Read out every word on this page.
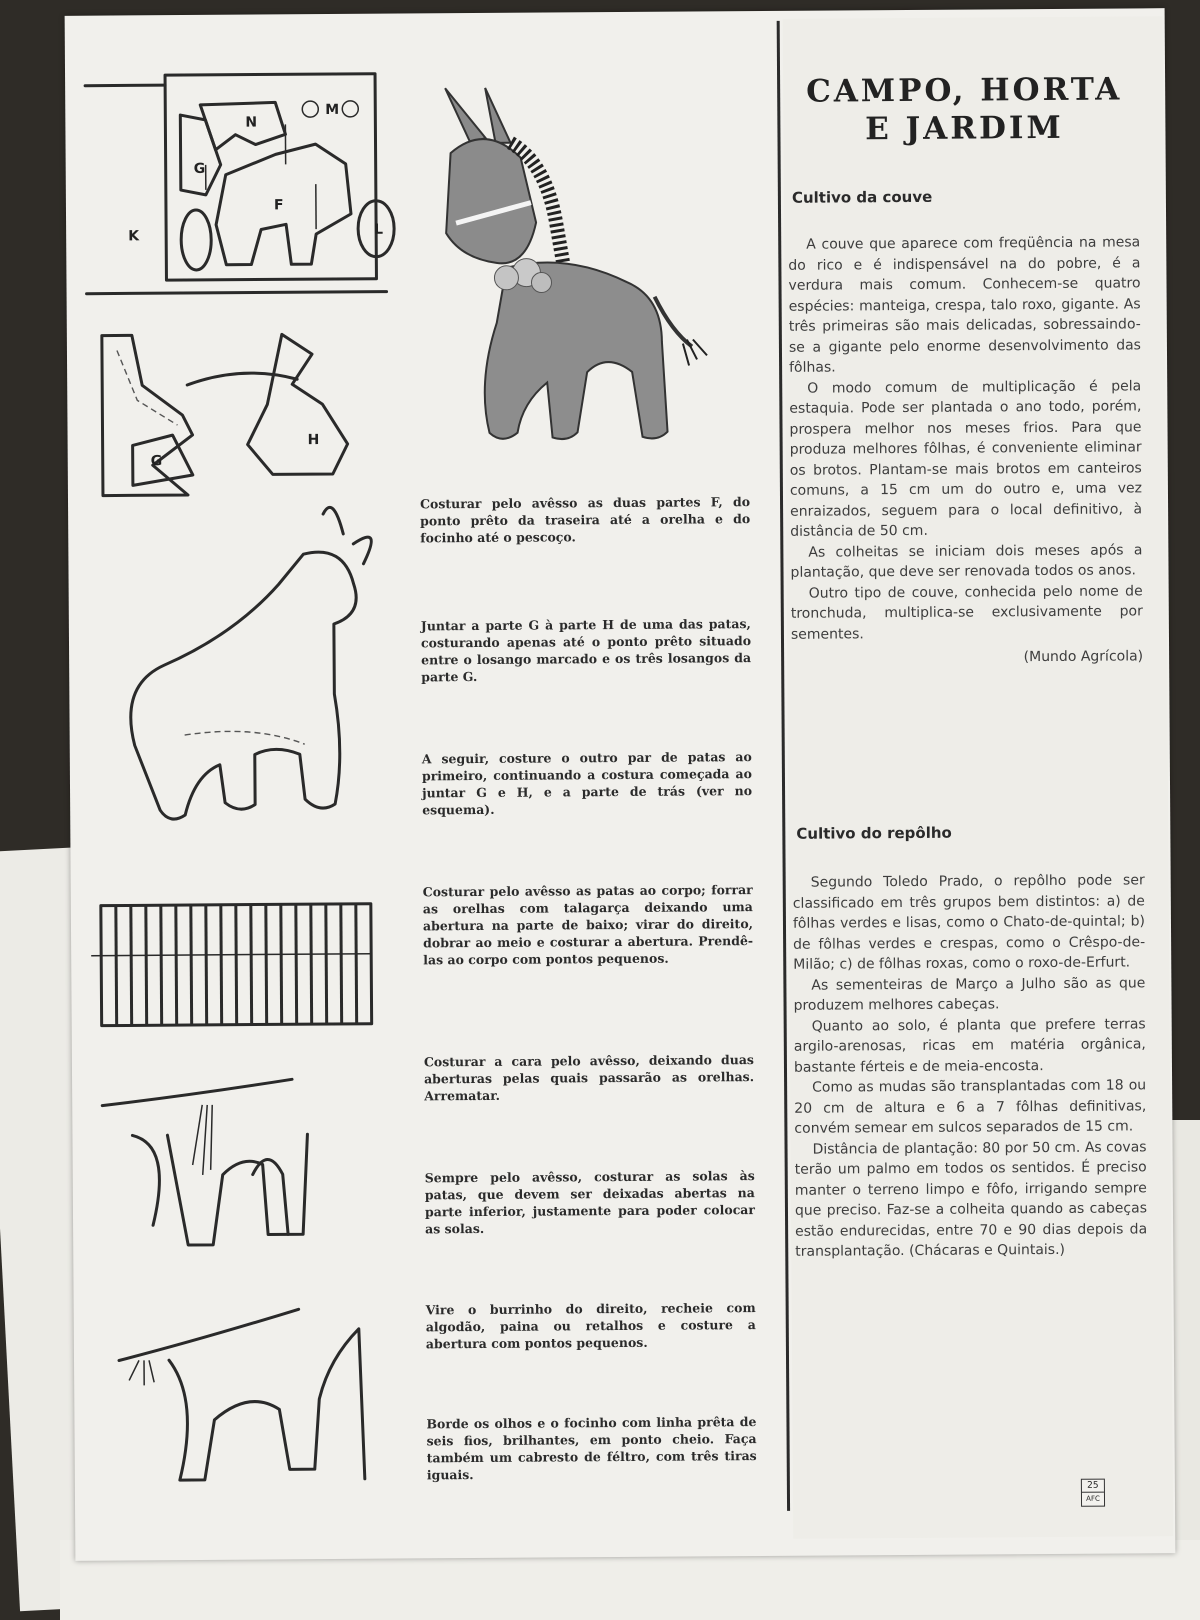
N
G
F
K	L
M
G
H

Costurar pelo avêsso as duas partes F, do ponto prêto da traseira até a orelha e do focinho até o pescoço.

Juntar a parte G à parte H de uma das patas, costurando apenas até o ponto prêto situado entre o losango marcado e os três losangos da parte G.

A seguir, costure o outro par de patas ao primeiro, continuando a costura começada ao juntar G e H, e a parte de trás (ver no esquema).

Costurar pelo avêsso as patas ao corpo; forrar as orelhas com talagarça deixando uma abertura na parte de baixo; virar do direito, dobrar ao meio e costurar a abertura. Prendê-las ao corpo com pontos pequenos.

Costurar a cara pelo avêsso, deixando duas aberturas pelas quais passarão as orelhas. Arrematar.

Sempre pelo avêsso, costurar as solas às patas, que devem ser deixadas abertas na parte inferior, justamente para poder colocar as solas.

Vire o burrinho do direito, recheie com algodão, paina ou retalhos e costure a abertura com pontos pequenos.

Borde os olhos e o focinho com linha prêta de seis fios, brilhantes, em ponto cheio. Faça também um cabresto de féltro, com três tiras iguais.

CAMPO, HORTA
E JARDIM
Cultivo da couve

A couve que aparece com freqüência na mesa do rico e é indispensável na do pobre, é a verdura mais comum. Conhecem-se quatro espécies: manteiga, crespa, talo roxo, gigante. As três primeiras são mais delicadas, sobressaindo-se a gigante pelo enorme desenvolvimento das fôlhas.

O modo comum de multiplicação é pela estaquia. Pode ser plantada o ano todo, porém, prospera melhor nos meses frios. Para que produza melhores fôlhas, é conveniente eliminar os brotos. Plantam-se mais brotos em canteiros comuns, a 15 cm um do outro e, uma vez enraizados, seguem para o local definitivo, à distância de 50 cm.

As colheitas se iniciam dois meses após a plantação, que deve ser renovada todos os anos.

Outro tipo de couve, conhecida pelo nome de tronchuda, multiplica-se exclusivamente por sementes.

(Mundo Agrícola)

Cultivo do repôlho

Segundo Toledo Prado, o repôlho pode ser classificado em três grupos bem distintos: a) de fôlhas verdes e lisas, como o Chato-de-quintal; b) de fôlhas verdes e crespas, como o Crêspo-de-Milão; c) de fôlhas roxas, como o roxo-de-Erfurt.

As sementeiras de Março a Julho são as que produzem melhores cabeças.

Quanto ao solo, é planta que prefere terras argilo-arenosas, ricas em matéria orgânica, bastante férteis e de meia-encosta.

Como as mudas são transplantadas com 18 ou 20 cm de altura e 6 a 7 fôlhas definitivas, convém semear em sulcos separados de 15 cm.

Distância de plantação: 80 por 50 cm. As covas terão um palmo em todos os sentidos. É preciso manter o terreno limpo e fôfo, irrigando sempre que preciso. Faz-se a colheita quando as cabeças estão endurecidas, entre 70 e 90 dias depois da transplantação. (Chácaras e Quintais.)

25
AFC
